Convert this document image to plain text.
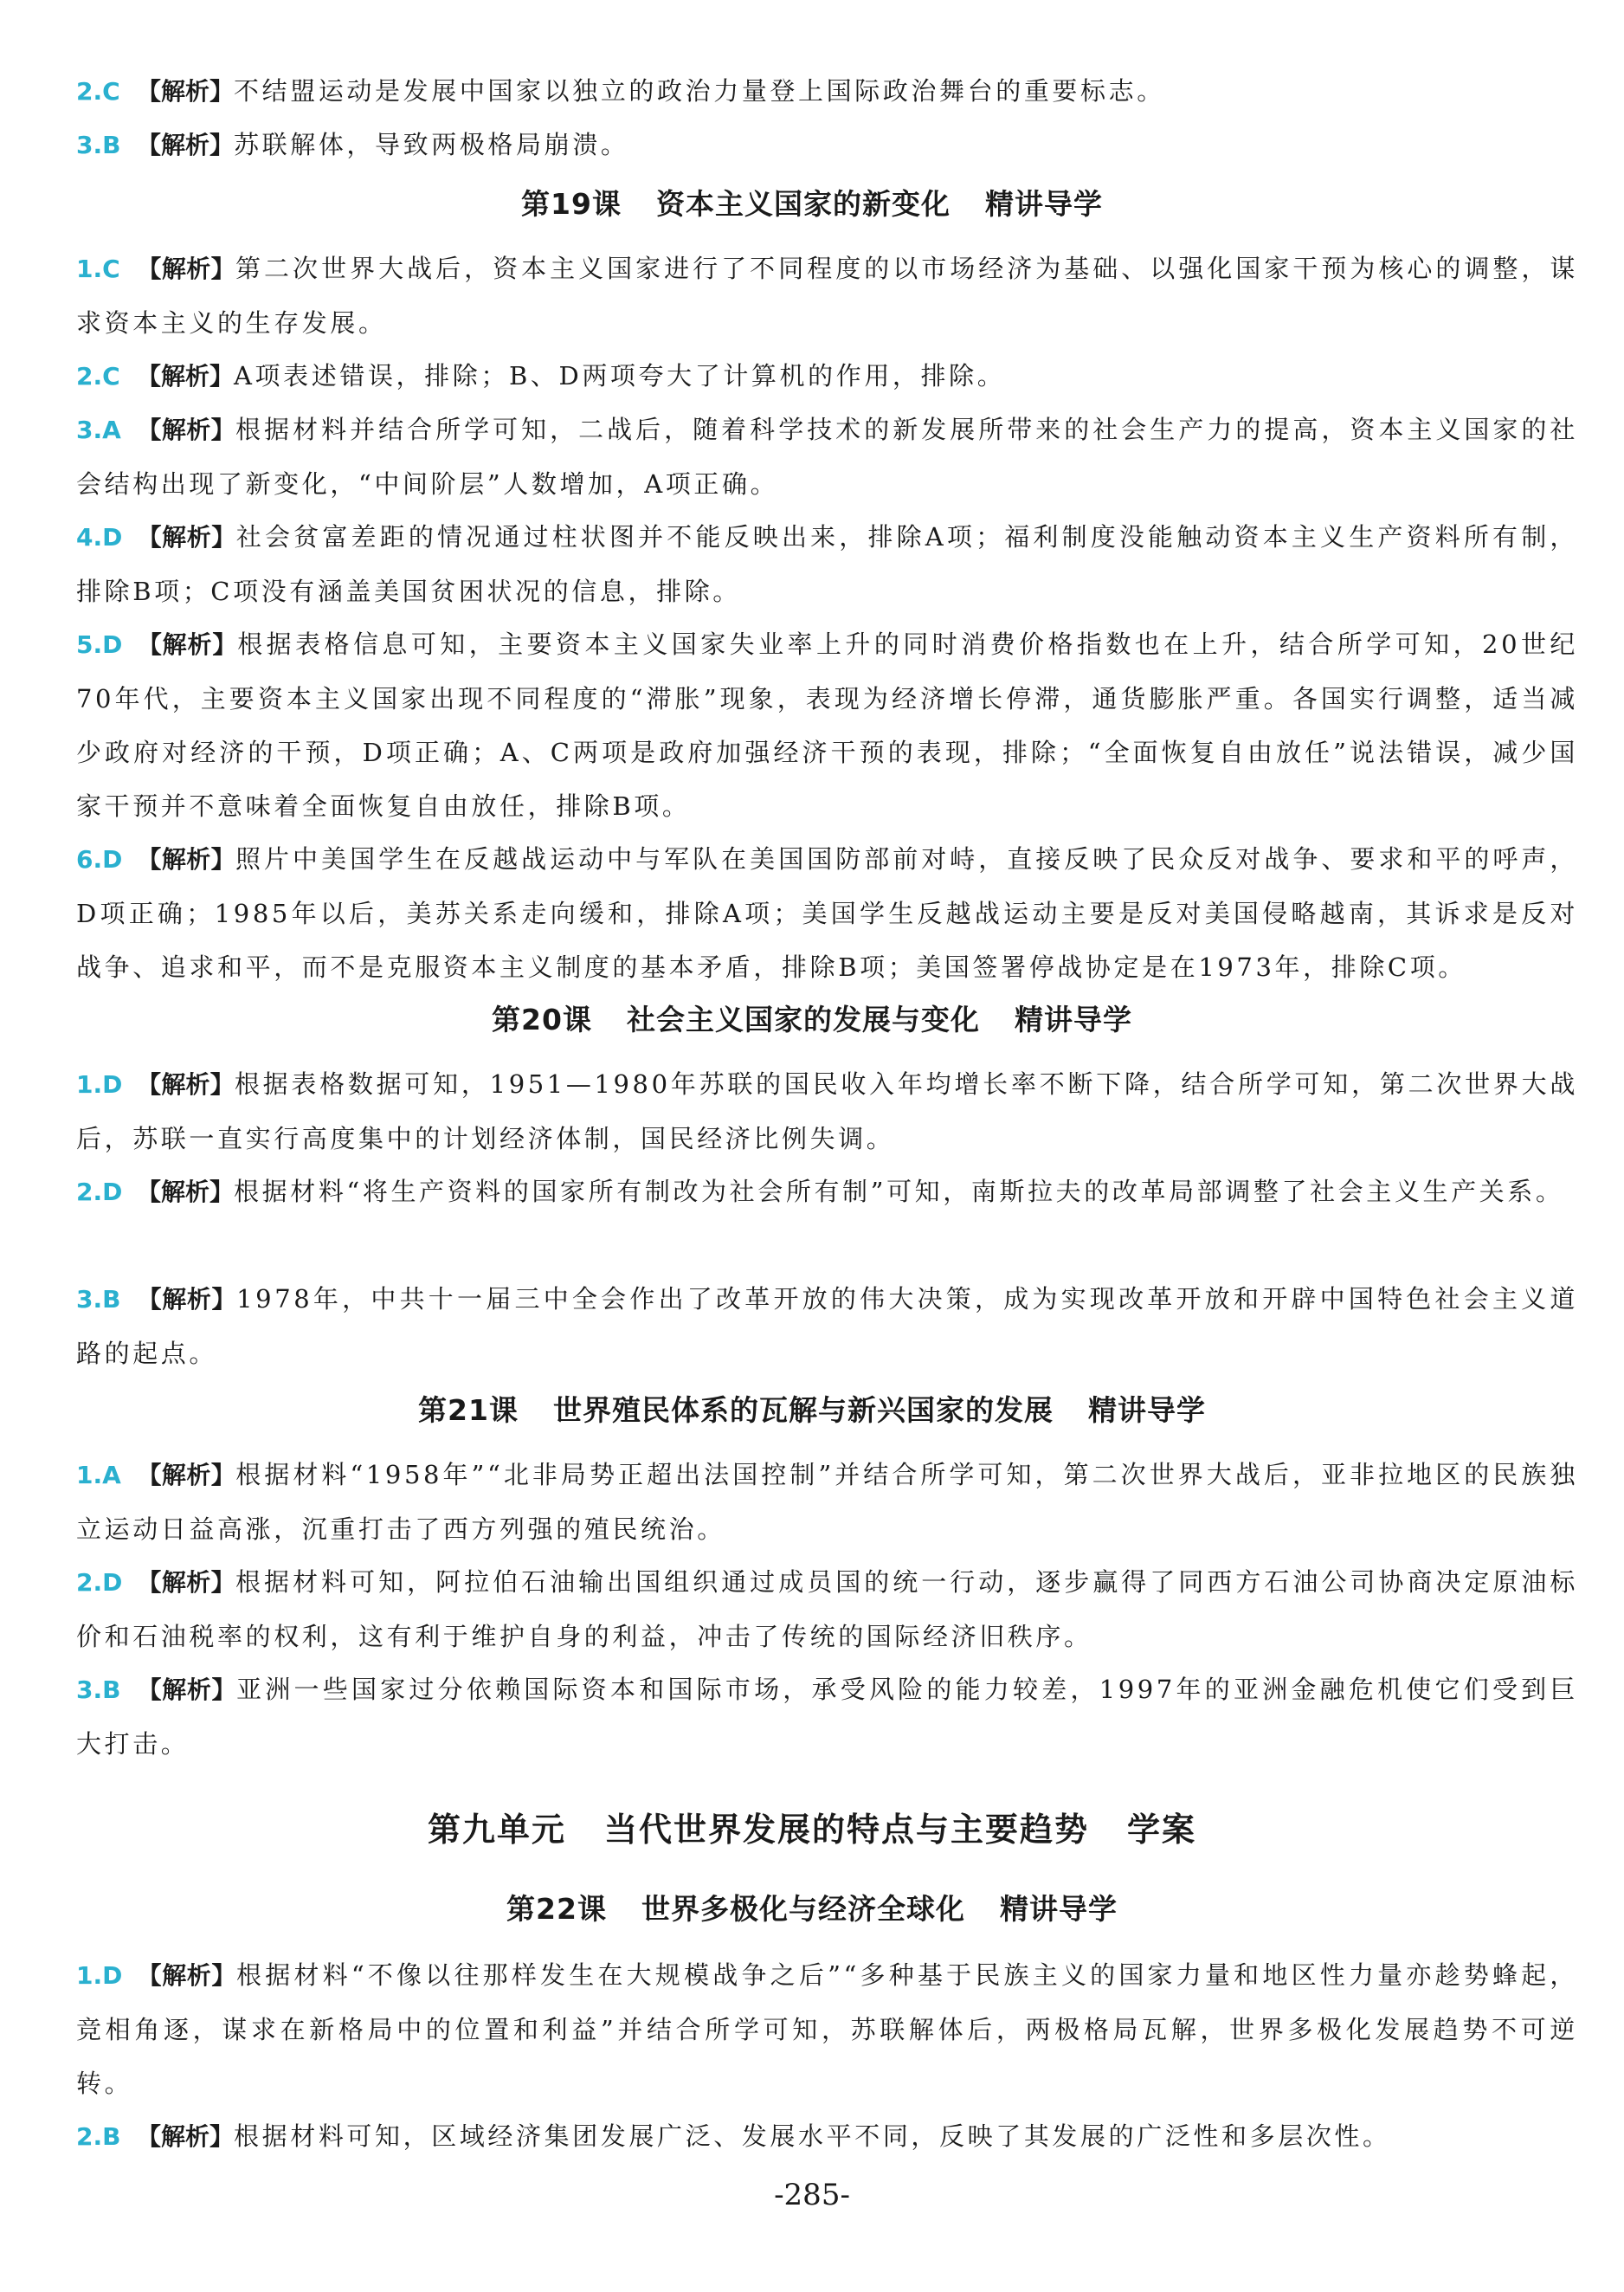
2.C 【解析】不结盟运动是发展中国家以独立的政治力量登上国际政治舞台的重要标志。
3.B 【解析】苏联解体，导致两极格局崩溃。
第19课 资本主义国家的新变化 精讲导学
1.C 【解析】第二次世界大战后，资本主义国家进行了不同程度的以市场经济为基础、以强化国家干预为核心的调整，谋求资本主义的生存发展。
2.C 【解析】A项表述错误，排除；B、D两项夸大了计算机的作用，排除。
3.A 【解析】根据材料并结合所学可知，二战后，随着科学技术的新发展所带来的社会生产力的提高，资本主义国家的社会结构出现了新变化，“中间阶层”人数增加，A项正确。
4.D 【解析】社会贫富差距的情况通过柱状图并不能反映出来，排除A项；福利制度没能触动资本主义生产资料所有制，排除B项；C项没有涵盖美国贫困状况的信息，排除。
5.D 【解析】根据表格信息可知，主要资本主义国家失业率上升的同时消费价格指数也在上升，结合所学可知，20世纪70年代，主要资本主义国家出现不同程度的“滞胀”现象，表现为经济增长停滞，通货膨胀严重。各国实行调整，适当减少政府对经济的干预，D项正确；A、C两项是政府加强经济干预的表现，排除；“全面恢复自由放任”说法错误，减少国家干预并不意味着全面恢复自由放任，排除B项。
6.D 【解析】照片中美国学生在反越战运动中与军队在美国国防部前对峙，直接反映了民众反对战争、要求和平的呼声，D项正确；1985年以后，美苏关系走向缓和，排除A项；美国学生反越战运动主要是反对美国侵略越南，其诉求是反对战争、追求和平，而不是克服资本主义制度的基本矛盾，排除B项；美国签署停战协定是在1973年，排除C项。
第20课 社会主义国家的发展与变化 精讲导学
1.D 【解析】根据表格数据可知，1951—1980年苏联的国民收入年均增长率不断下降，结合所学可知，第二次世界大战后，苏联一直实行高度集中的计划经济体制，国民经济比例失调。
2.D 【解析】根据材料“将生产资料的国家所有制改为社会所有制”可知，南斯拉夫的改革局部调整了社会主义生产关系。
3.B 【解析】1978年，中共十一届三中全会作出了改革开放的伟大决策，成为实现改革开放和开辟中国特色社会主义道路的起点。
第21课 世界殖民体系的瓦解与新兴国家的发展 精讲导学
1.A 【解析】根据材料“1958年”“北非局势正超出法国控制”并结合所学可知，第二次世界大战后，亚非拉地区的民族独立运动日益高涨，沉重打击了西方列强的殖民统治。
2.D 【解析】根据材料可知，阿拉伯石油输出国组织通过成员国的统一行动，逐步赢得了同西方石油公司协商决定原油标价和石油税率的权利，这有利于维护自身的利益，冲击了传统的国际经济旧秩序。
3.B 【解析】亚洲一些国家过分依赖国际资本和国际市场，承受风险的能力较差，1997年的亚洲金融危机使它们受到巨大打击。
第九单元 当代世界发展的特点与主要趋势 学案
第22课 世界多极化与经济全球化 精讲导学
1.D 【解析】根据材料“不像以往那样发生在大规模战争之后”“多种基于民族主义的国家力量和地区性力量亦趁势蜂起，竞相角逐，谋求在新格局中的位置和利益”并结合所学可知，苏联解体后，两极格局瓦解，世界多极化发展趋势不可逆转。
2.B 【解析】根据材料可知，区域经济集团发展广泛、发展水平不同，反映了其发展的广泛性和多层次性。
-285-
